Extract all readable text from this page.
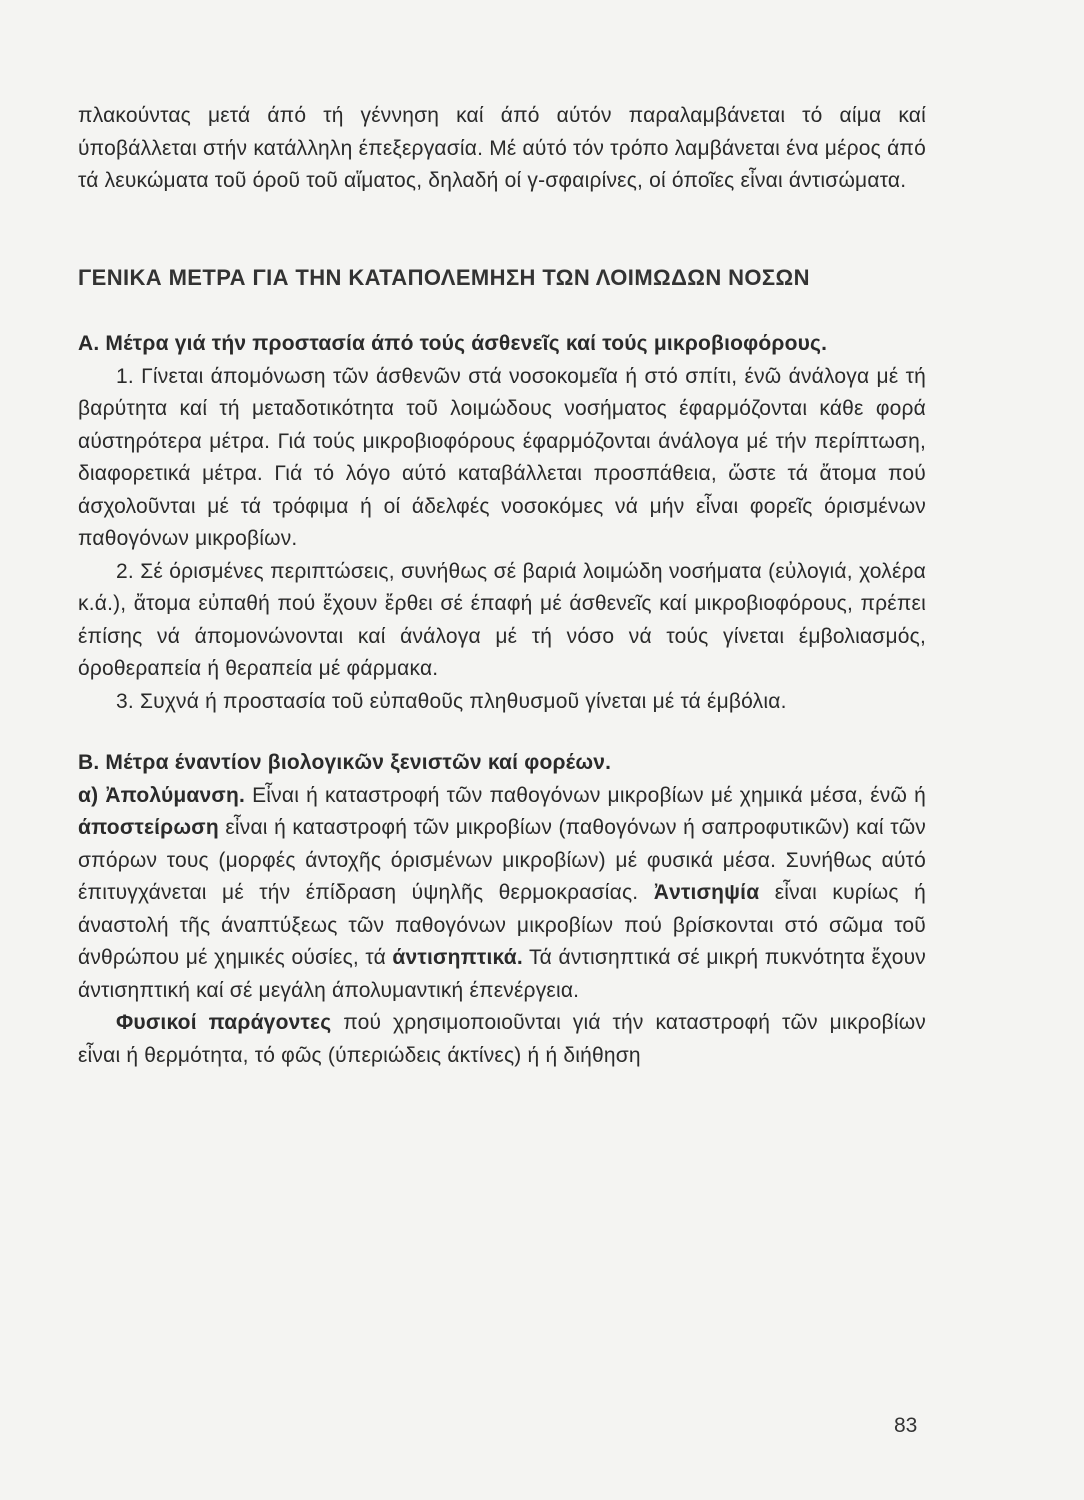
πλακούντας μετά άπό τή γέννηση καί άπό αύτόν παραλαμβάνεται τό αίμα καί ύποβάλλεται στήν κατάλληλη έπεξεργασία. Μέ αύτό τόν τρόπο λαμβάνεται ένα μέρος άπό τά λευκώματα τοῦ όροῦ τοῦ αἵματος, δηλαδή οί γ-σφαιρίνες, οί όποῖες εἶναι άντισώματα.

ΓΕΝΙΚΑ ΜΕΤΡΑ ΓΙΑ ΤΗΝ ΚΑΤΑΠΟΛΕΜΗΣΗ ΤΩΝ ΛΟΙΜΩΔΩΝ ΝΟΣΩΝ

Α. Μέτρα γιά τήν προστασία άπό τούς άσθενεῖς καί τούς μικροβιοφόρους.

1. Γίνεται άπομόνωση τῶν άσθενῶν στά νοσοκομεῖα ή στό σπίτι, ένῶ άνάλογα μέ τή βαρύτητα καί τή μεταδοτικότητα τοῦ λοιμώδους νοσήματος έφαρμόζονται κάθε φορά αύστηρότερα μέτρα. Γιά τούς μικροβιοφόρους έφαρμόζονται άνάλογα μέ τήν περίπτωση, διαφορετικά μέτρα. Γιά τό λόγο αύτό καταβάλλεται προσπάθεια, ὥστε τά ἄτομα πού άσχολοῦνται μέ τά τρόφιμα ή οί άδελφές νοσοκόμες νά μήν εἶναι φορεῖς όρισμένων παθογόνων μικροβίων.

2. Σέ όρισμένες περιπτώσεις, συνήθως σέ βαριά λοιμώδη νοσήματα (εὐλογιά, χολέρα κ.ά.), ἄτομα εὐπαθή πού ἔχουν ἔρθει σέ έπαφή μέ άσθενεῖς καί μικροβιοφόρους, πρέπει έπίσης νά άπομονώνονται καί άνάλογα μέ τή νόσο νά τούς γίνεται έμβολιασμός, όροθεραπεία ή θεραπεία μέ φάρμακα.

3. Συχνά ή προστασία τοῦ εὐπαθοῦς πληθυσμοῦ γίνεται μέ τά έμβόλια.

Β. Μέτρα έναντίον βιολογικῶν ξενιστῶν καί φορέων.

α) Ἀπολύμανση. Εἶναι ή καταστροφή τῶν παθογόνων μικροβίων μέ χημικά μέσα, ένῶ ή άποστείρωση εἶναι ή καταστροφή τῶν μικροβίων (παθογόνων ή σαπροφυτικῶν) καί τῶν σπόρων τους (μορφές άντοχῆς όρισμένων μικροβίων) μέ φυσικά μέσα. Συνήθως αύτό έπιτυγχάνεται μέ τήν έπίδραση ύψηλῆς θερμοκρασίας. Ἀντισηψία εἶναι κυρίως ή άναστολή τῆς άναπτύξεως τῶν παθογόνων μικροβίων πού βρίσκονται στό σῶμα τοῦ άνθρώπου μέ χημικές ούσίες, τά άντισηπτικά. Τά άντισηπτικά σέ μικρή πυκνότητα ἔχουν άντισηπτική καί σέ μεγάλη άπολυμαντική έπενέργεια.

Φυσικοί παράγοντες πού χρησιμοποιοῦνται γιά τήν καταστροφή τῶν μικροβίων εἶναι ή θερμότητα, τό φῶς (ύπεριώδεις άκτίνες) ή ή διήθηση

83
